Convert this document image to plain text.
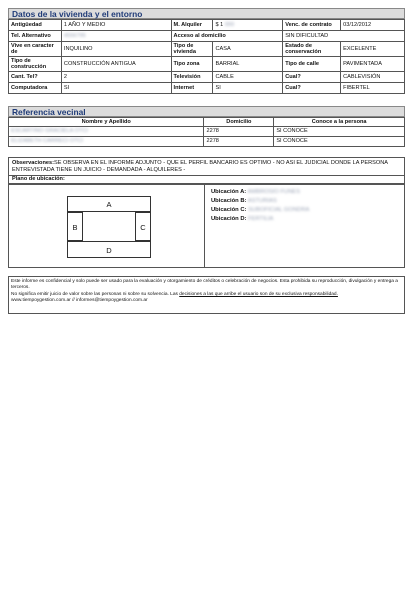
Datos de la vivienda y el entorno
Antigüedad	1 AÑO Y MEDIO	M. Alquiler	$ 1 000	Venc. de contrato	03/12/2012
Tel. Alternativo	4556795	Acceso al domicilio		SIN DIFICULTAD	
Vive en caracter de	INQUILINO	Tipo de vivienda	CASA	Estado de conservación	EXCELENTE
Tipo de construcción	CONSTRUCCIÓN ANTIGUA	Tipo zona	BARRIAL	Tipo de calle	PAVIMENTADA
Cant. Tel?	2	Televisión	CABLE	Cual?	CABLEVISIÓN
Computadora	SI	Internet	SI	Cual?	FIBERTEL
Referencia vecinal
Nombre y Apellido	Domicilio	Conoce a la persona
ESCARTINO GRACIELA OTCI	2278	SI CONOCE
ELIZABETH CARRECI OTCI	2278	SI CONOCE
Observaciones:SE OBSERVA EN EL INFORME ADJUNTO - QUE EL PERFIL BANCARIO ES OPTIMO - NO ASI EL JUDICIAL DONDE LA PERSONA ENTREVISTADA TIENE UN JUICIO - DEMANDADA - ALQUILERES -
Plano de ubicación:
A
B	C
D
Ubicación A: AMBROSIO FUNES
Ubicación B: ASTURIAS
Ubicación C: SUBOFICIAL GONDRA
Ubicación D: FERTILIA
Este informe es confidencial y solo puede ser usado para la evaluación y otorgamiento de créditos o celebración de negocios. Esta prohibida su reproducción, divulgación y entrega a terceros.
No significa emitir juicio de valor sobre las personas ni sobre su solvencia. Las decisiones a las que arribe el usuario son de su exclusiva responsabilidad.
www.tiempoygestion.com.ar // informes@tiempoygestion.com.ar
